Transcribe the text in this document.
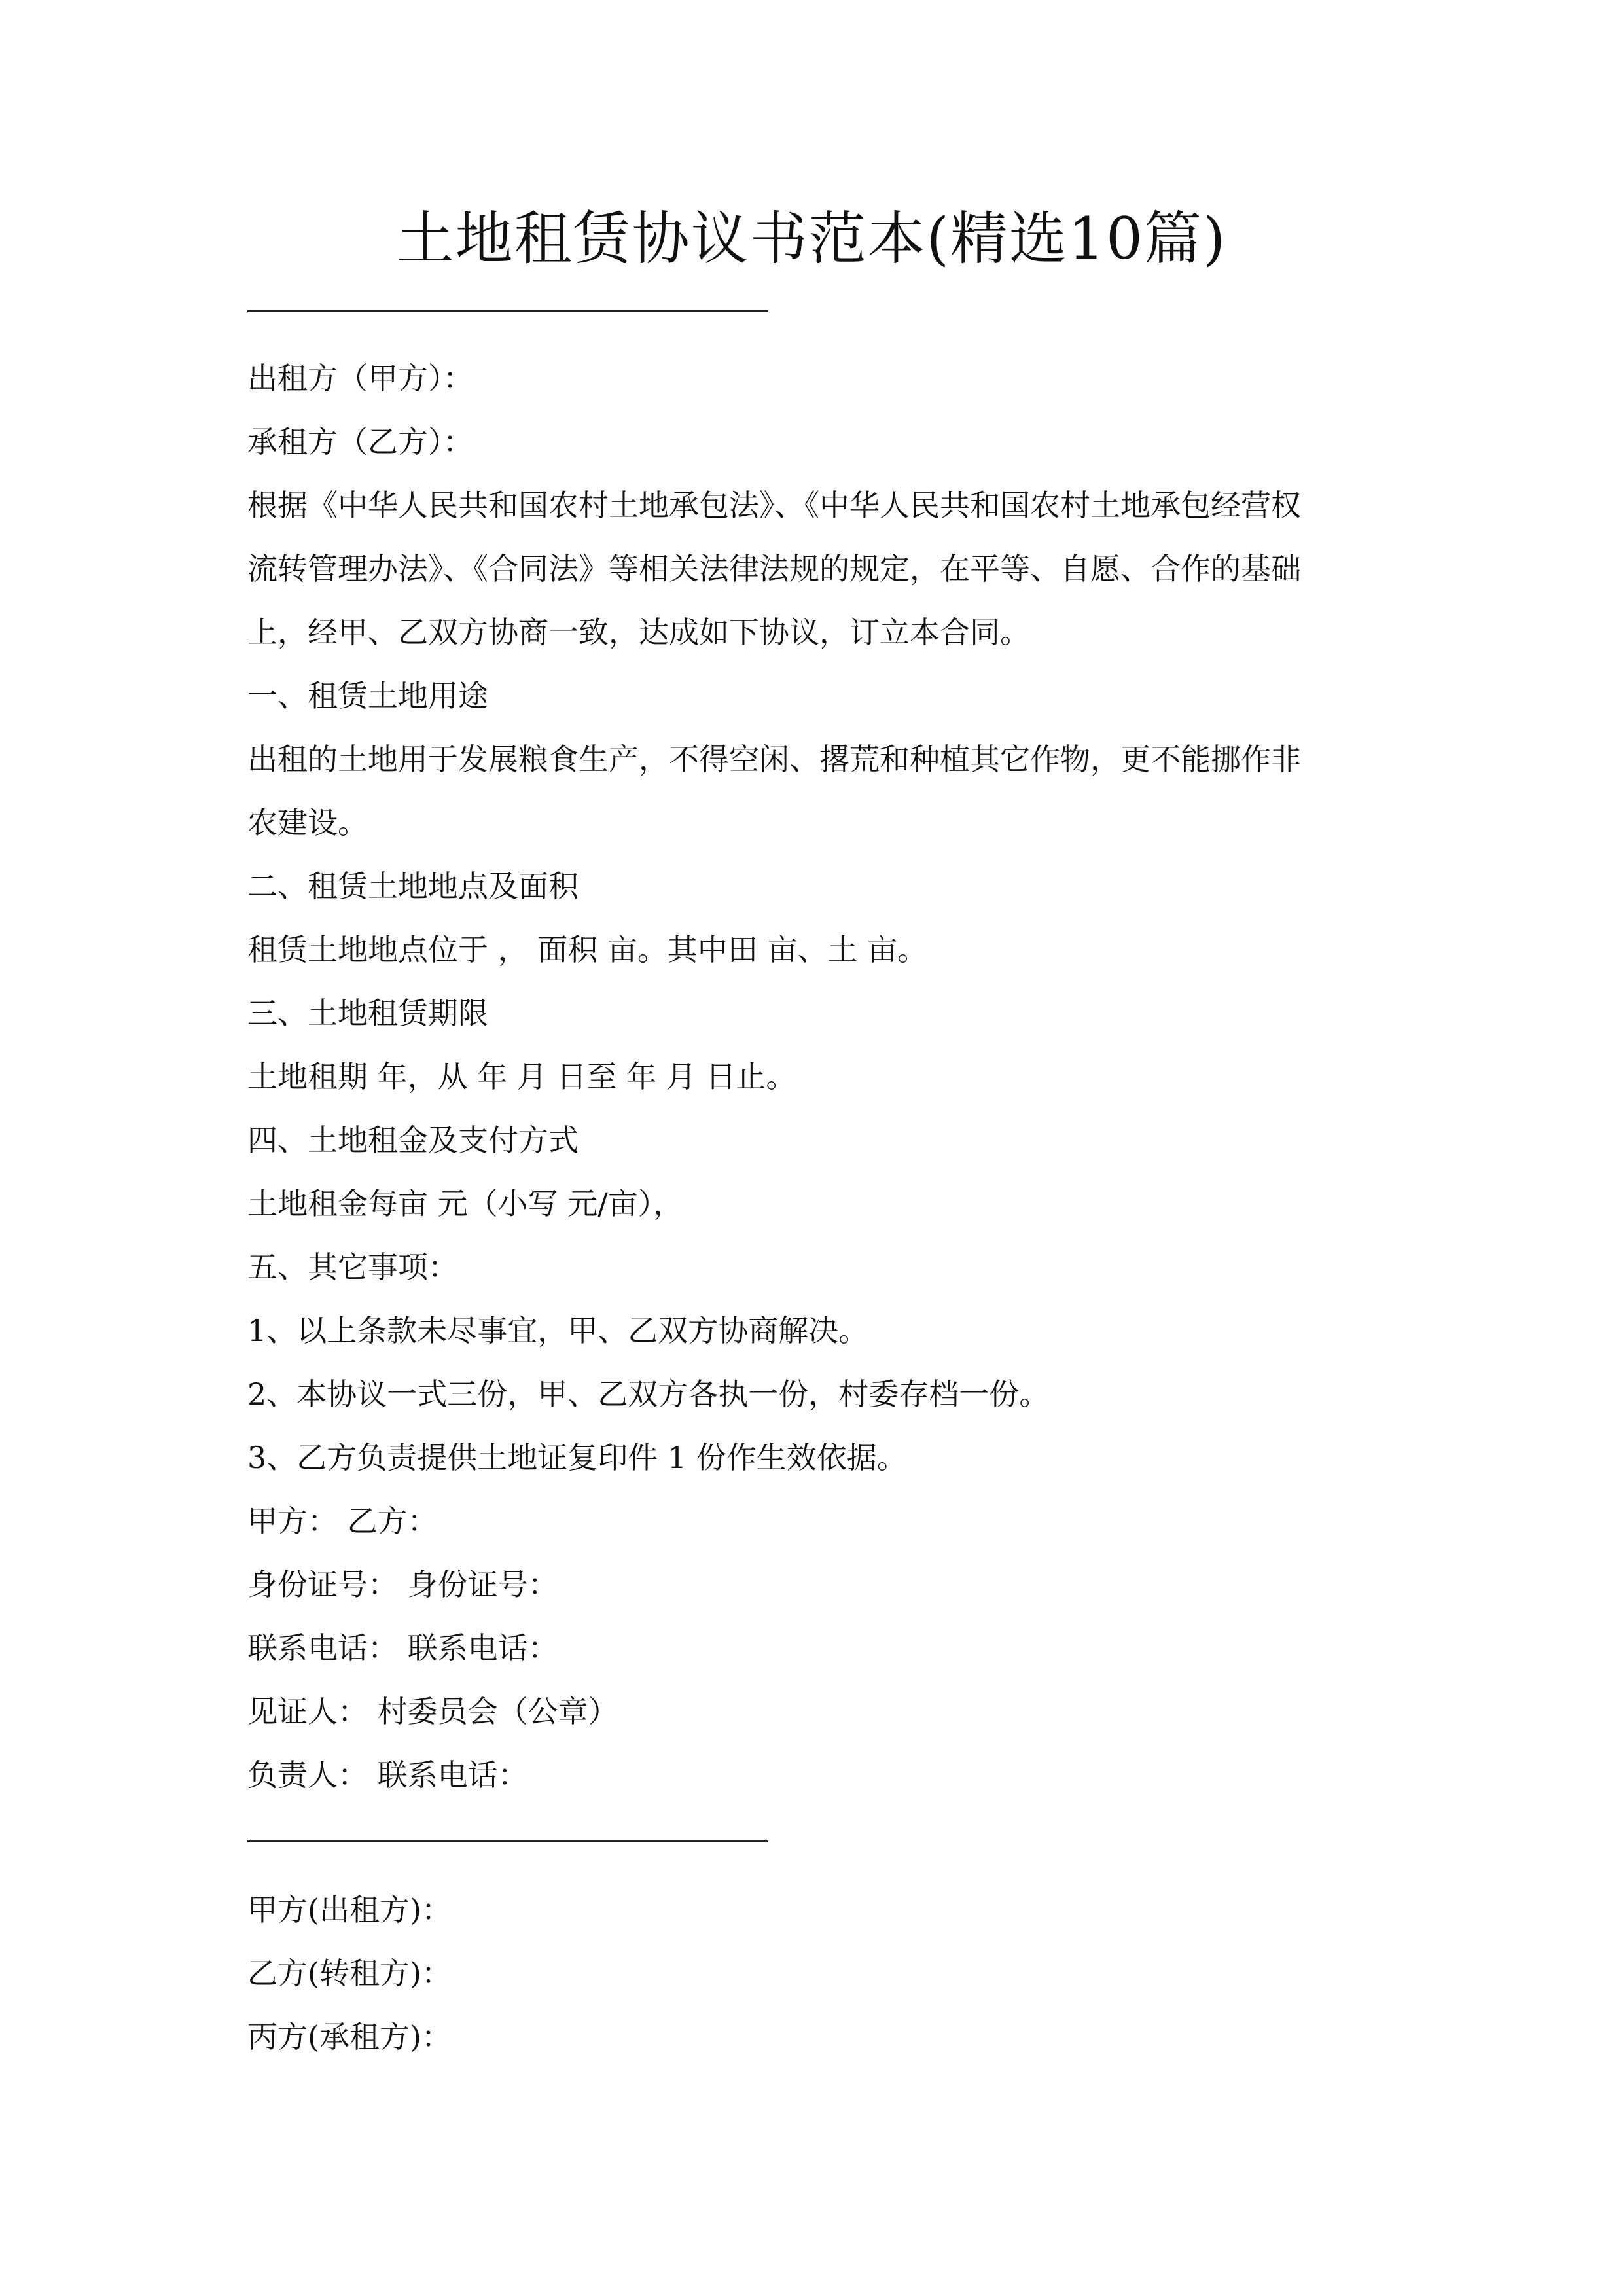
土地租赁协议书范本(精选10篇)
出租方（甲方）：
承租方（乙方）：
根据《中华人民共和国农村土地承包法》、《中华人民共和国农村土地承包经营权
流转管理办法》、《合同法》等相关法律法规的规定，在平等、自愿、合作的基础
上，经甲、乙双方协商一致，达成如下协议，订立本合同。
一、租赁土地用途
出租的土地用于发展粮食生产，不得空闲、撂荒和种植其它作物，更不能挪作非
农建设。
二、租赁土地地点及面积
租赁土地地点位于 ， 面积 亩。其中田 亩、土 亩。
三、土地租赁期限
土地租期 年，从 年 月 日至 年 月 日止。
四、土地租金及支付方式
土地租金每亩 元（小写 元/亩），
五、其它事项：
1、以上条款未尽事宜，甲、乙双方协商解决。
2、本协议一式三份，甲、乙双方各执一份，村委存档一份。
3、乙方负责提供土地证复印件 1 份作生效依据。
甲方： 乙方：
身份证号： 身份证号：
联系电话： 联系电话：
见证人： 村委员会（公章）
负责人： 联系电话：
甲方(出租方)：
乙方(转租方)：
丙方(承租方)：
